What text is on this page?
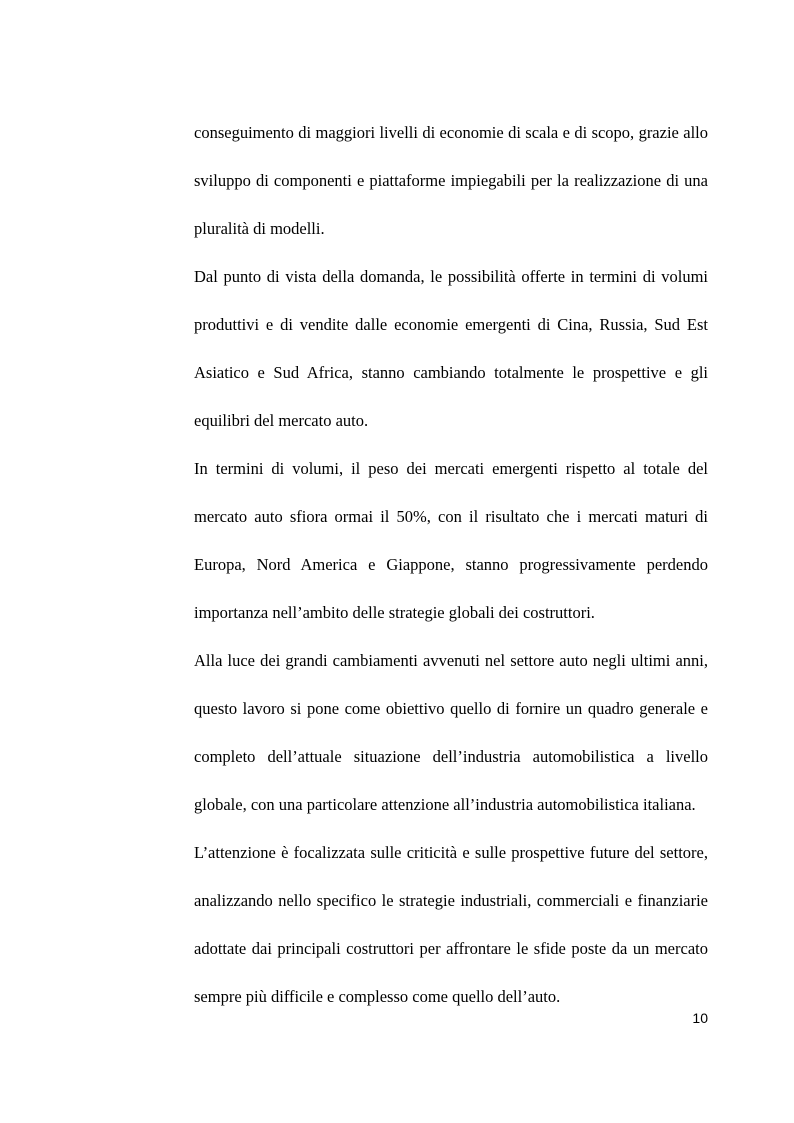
conseguimento di maggiori livelli di economie di scala e di scopo, grazie allo sviluppo di componenti e piattaforme impiegabili per la realizzazione di una pluralità di modelli.

Dal punto di vista della domanda, le possibilità offerte in termini di volumi produttivi e di vendite dalle economie emergenti di Cina, Russia, Sud Est Asiatico e Sud Africa, stanno cambiando totalmente le prospettive e gli equilibri del mercato auto.

In termini di volumi, il peso dei mercati emergenti rispetto al totale del mercato auto sfiora ormai il 50%, con il risultato che i mercati maturi di Europa, Nord America e Giappone, stanno progressivamente perdendo importanza nell’ambito delle strategie globali dei costruttori.

Alla luce dei grandi cambiamenti avvenuti nel settore auto negli ultimi anni, questo lavoro si pone come obiettivo quello di fornire un quadro generale e completo dell’attuale situazione dell’industria automobilistica a livello globale, con una particolare attenzione all’industria automobilistica italiana.

L’attenzione è focalizzata sulle criticità e sulle prospettive future del settore, analizzando nello specifico le strategie industriali, commerciali e finanziarie adottate dai principali costruttori per affrontare le sfide poste da un mercato sempre più difficile e complesso come quello dell’auto.

10
